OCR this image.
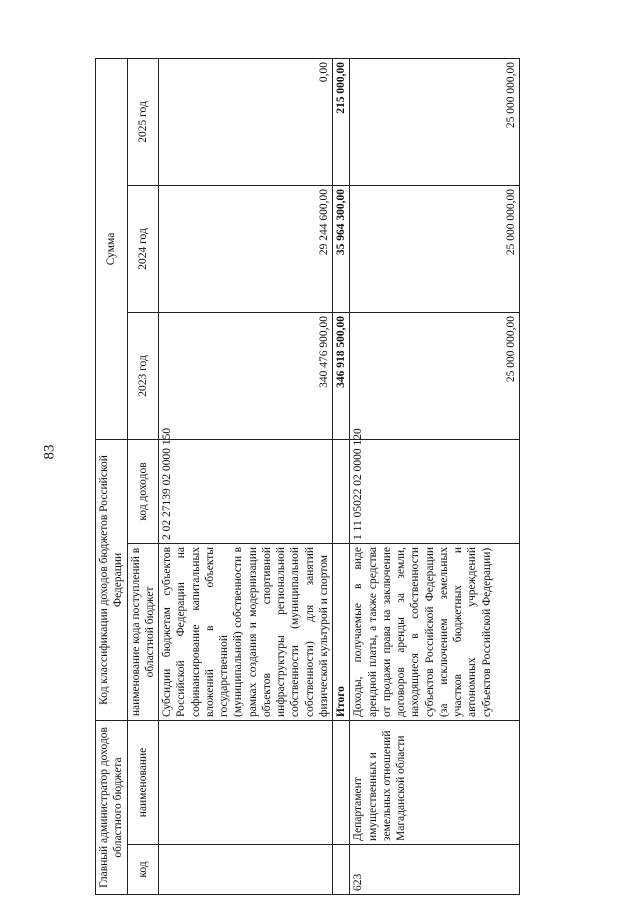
83
Главный администратор доходов областного бюджета		Код классификации доходов бюджетов Российской Федерации		Сумма		
код	наименование	наименование кода поступлений в областной бюджет	код доходов	2023 год	2024 год	2025 год
		Субсидии бюджетам субъектов Российской Федерации на софинансирование капитальных вложений в объекты государственной (муниципальной) собственности в рамках создания и модернизации объектов спортивной инфраструктуры региональной собственности (муниципальной собственности) для занятий физической культурой и спортом	2 02 27139 02 0000 150	340 476 900,00	29 244 600,00	0,00
		Итого		346 918 500,00	35 964 300,00	215 000,00
623	Департамент имущественных и земельных отношений Магаданской области	Доходы, получаемые в виде арендной платы, а также средства от продажи права на заключение договоров аренды за земли, находящиеся в собственности субъектов Российской Федерации (за исключением земельных участков бюджетных и автономных учреждений субъектов Российской Федерации)	1 11 05022 02 0000 120	25 000 000,00	25 000 000,00	25 000 000,00
